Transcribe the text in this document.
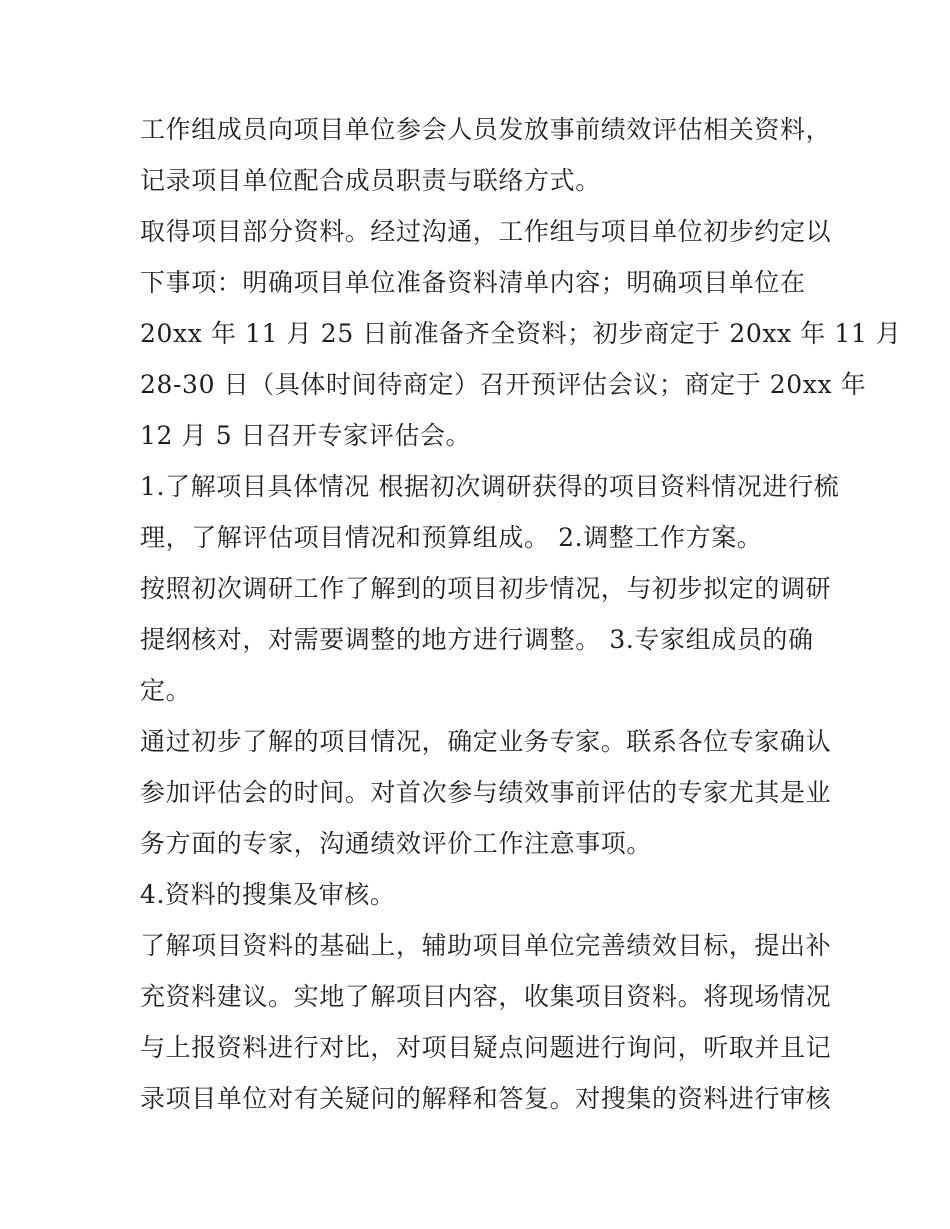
工作组成员向项目单位参会人员发放事前绩效评估相关资料，
记录项目单位配合成员职责与联络方式。
取得项目部分资料。经过沟通，工作组与项目单位初步约定以
下事项：明确项目单位准备资料清单内容；明确项目单位在
20xx 年 11 月 25 日前准备齐全资料；初步商定于 20xx 年 11 月
28-30 日（具体时间待商定）召开预评估会议；商定于 20xx 年
12 月 5 日召开专家评估会。
1.了解项目具体情况 根据初次调研获得的项目资料情况进行梳
理，了解评估项目情况和预算组成。 2.调整工作方案。
按照初次调研工作了解到的项目初步情况，与初步拟定的调研
提纲核对，对需要调整的地方进行调整。 3.专家组成员的确
定。
通过初步了解的项目情况，确定业务专家。联系各位专家确认
参加评估会的时间。对首次参与绩效事前评估的专家尤其是业
务方面的专家，沟通绩效评价工作注意事项。
4.资料的搜集及审核。
了解项目资料的基础上，辅助项目单位完善绩效目标，提出补
充资料建议。实地了解项目内容，收集项目资料。将现场情况
与上报资料进行对比，对项目疑点问题进行询问，听取并且记
录项目单位对有关疑问的解释和答复。对搜集的资料进行审核
